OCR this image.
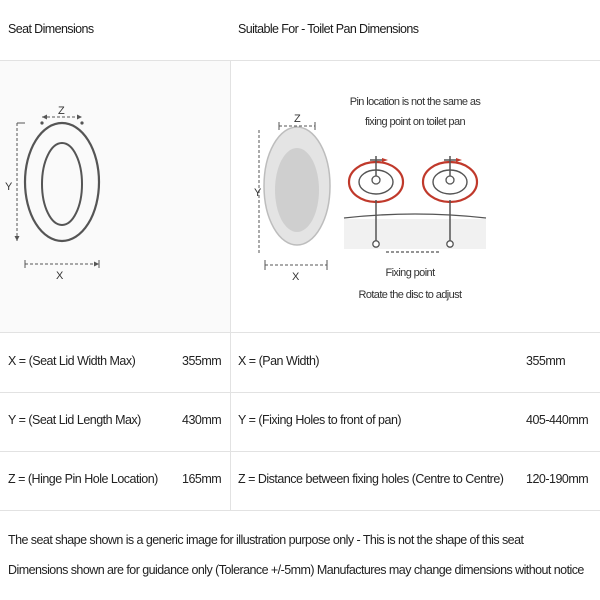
Seat Dimensions	Suitable For - Toilet Pan Dimensions
Z
Y
X
Z
Y
X
Pin location is not the same as
fixing point on toilet pan
Fixing point
Rotate the disc to adjust
X = (Seat Lid Width Max)	355mm X = (Pan Width)	355mm
Y = (Seat Lid Length Max)	430mm Y = (Fixing Holes to front of pan)	405-440mm
Z = (Hinge Pin Hole Location) 165mm Z = Distance between fixing holes (Centre to Centre) 120-190mm
The seat shape shown is a generic image for illustration purpose only - This is not the shape of this seat
Dimensions shown are for guidance only (Tolerance +/-5mm) Manufactures may change dimensions without notice
